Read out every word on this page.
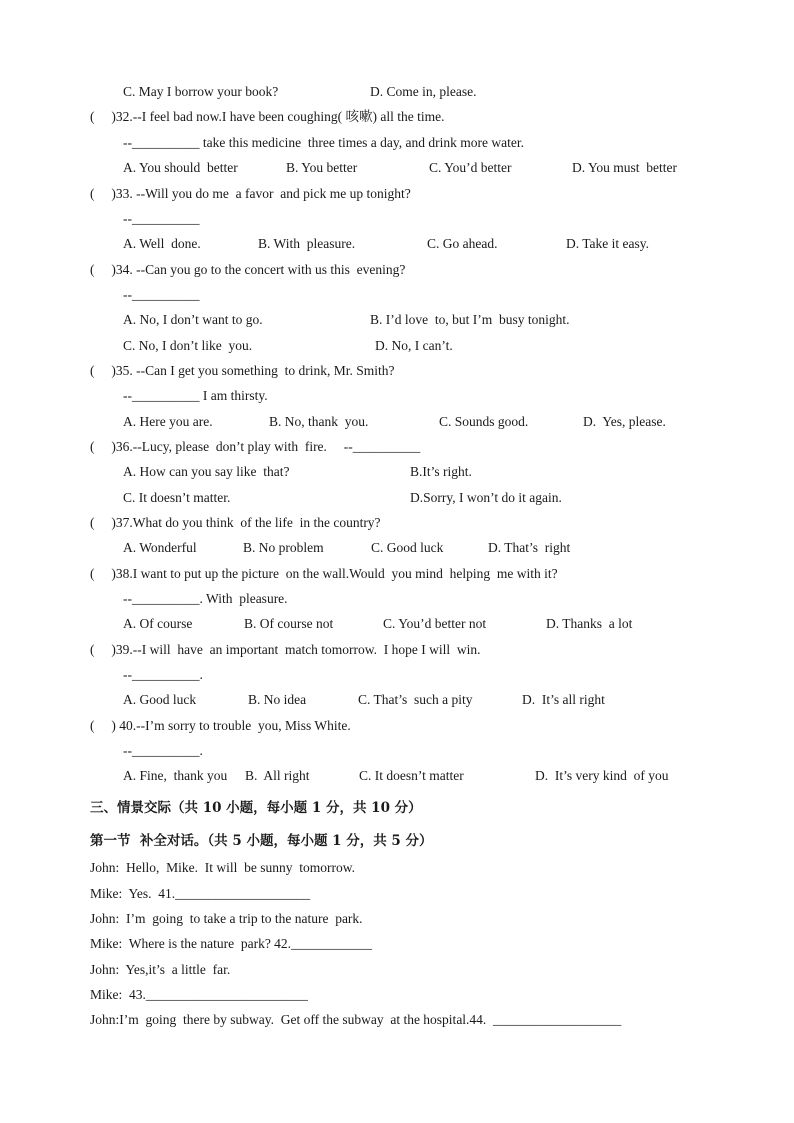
C. May I borrow your book?	D. Come in, please.
(     )32.--I feel bad now.I have been coughing( 咳嗽) all the time.
--__________ take this medicine  three times a day, and drink more water.
A. You should  better	B. You better	C. You’d better	D. You must  better
(     )33. --Will you do me  a favor  and pick me up tonight?
--__________
A. Well  done.	B. With  pleasure.	C. Go ahead.	D. Take it easy.
(     )34. --Can you go to the concert with us this  evening?
--__________
A. No, I don’t want to go.	B. I’d love  to, but I’m  busy tonight.
C. No, I don’t like  you.	D. No, I can’t.
(     )35. --Can I get you something  to drink, Mr. Smith?
--__________ I am thirsty.
A. Here you are.	B. No, thank  you.	C. Sounds good.	D.  Yes, please.
(     )36.--Lucy, please  don’t play with  fire.     --__________
A. How can you say like  that?	B.It’s right.
C. It doesn’t matter.	D.Sorry, I won’t do it again.
(     )37.What do you think  of the life  in the country?
A. Wonderful	B. No problem	C. Good luck	D. That’s  right
(     )38.I want to put up the picture  on the wall.Would  you mind  helping  me with it?
--__________. With  pleasure.
A. Of course	B. Of course not	C. You’d better not	D. Thanks  a lot
(     )39.--I will  have  an important  match tomorrow.  I hope I will  win.
--__________.
A. Good luck	B. No idea	C. That’s  such a pity	D.  It’s all right
(     ) 40.--I’m sorry to trouble  you, Miss White.
--__________.
A. Fine,  thank you B.  All right	C. It doesn’t matter	D.  It’s very kind  of you
三、情景交际（共 10 小题，每小题 1 分，共 10 分）
第一节  补全对话。（共 5 小题，每小题 1 分，共 5 分）
John:  Hello,  Mike.  It will  be sunny  tomorrow.
Mike:  Yes.  41.____________________
John:  I’m  going  to take a trip to the nature  park.
Mike:  Where is the nature  park? 42.____________
John:  Yes,it’s  a little  far.
Mike:  43.________________________
John:I’m  going  there by subway.  Get off the subway  at the hospital.44.  ___________________
